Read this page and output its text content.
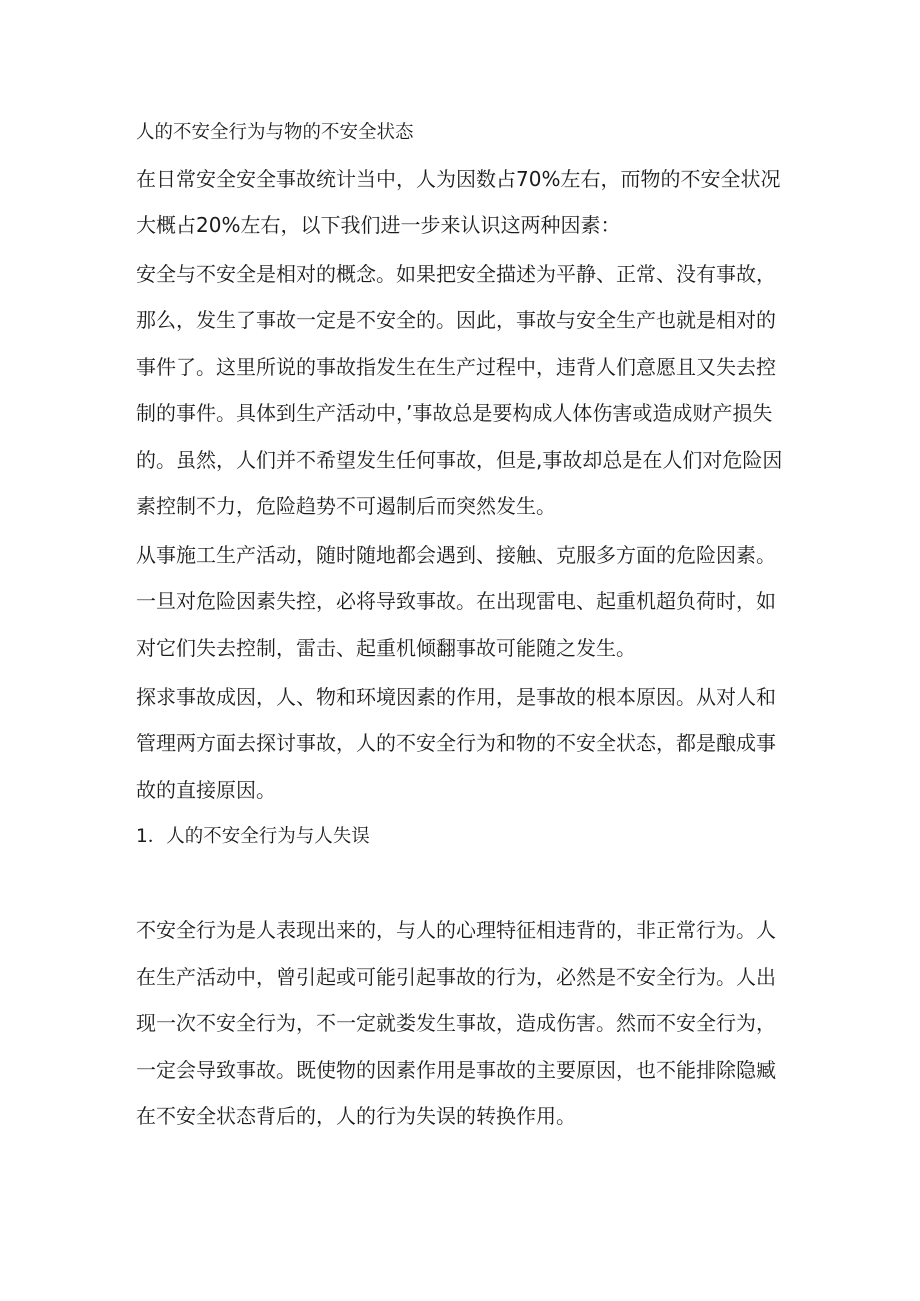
人的不安全行为与物的不安全状态
在日常安全安全事故统计当中，人为因数占70%左右，而物的不安全状况
大概占20%左右，以下我们进一步来认识这两种因素：
安全与不安全是相对的概念。如果把安全描述为平静、正常、没有事故，
那么，发生了事故一定是不安全的。因此，事故与安全生产也就是相对的
事件了。这里所说的事故指发生在生产过程中，违背人们意愿且又失去控
制的事件。具体到生产活动中，’事故总是要构成人体伤害或造成财产损失
的。虽然，人们并不希望发生任何事故，但是,事故却总是在人们对危险因
素控制不力，危险趋势不可遏制后而突然发生。
从事施工生产活动，随时随地都会遇到、接触、克服多方面的危险因素。
一旦对危险因素失控，必将导致事故。在出现雷电、起重机超负荷时，如
对它们失去控制，雷击、起重机倾翻事故可能随之发生。
探求事故成因，人、物和环境因素的作用，是事故的根本原因。从对人和
管理两方面去探讨事故，人的不安全行为和物的不安全状态，都是酿成事
故的直接原因。
1．人的不安全行为与人失误
不安全行为是人表现出来的，与人的心理特征相违背的，非正常行为。人
在生产活动中，曾引起或可能引起事故的行为，必然是不安全行为。人出
现一次不安全行为，不一定就娄发生事故，造成伤害。然而不安全行为，
一定会导致事故。既使物的因素作用是事故的主要原因，也不能排除隐臧
在不安全状态背后的，人的行为失误的转换作用。
